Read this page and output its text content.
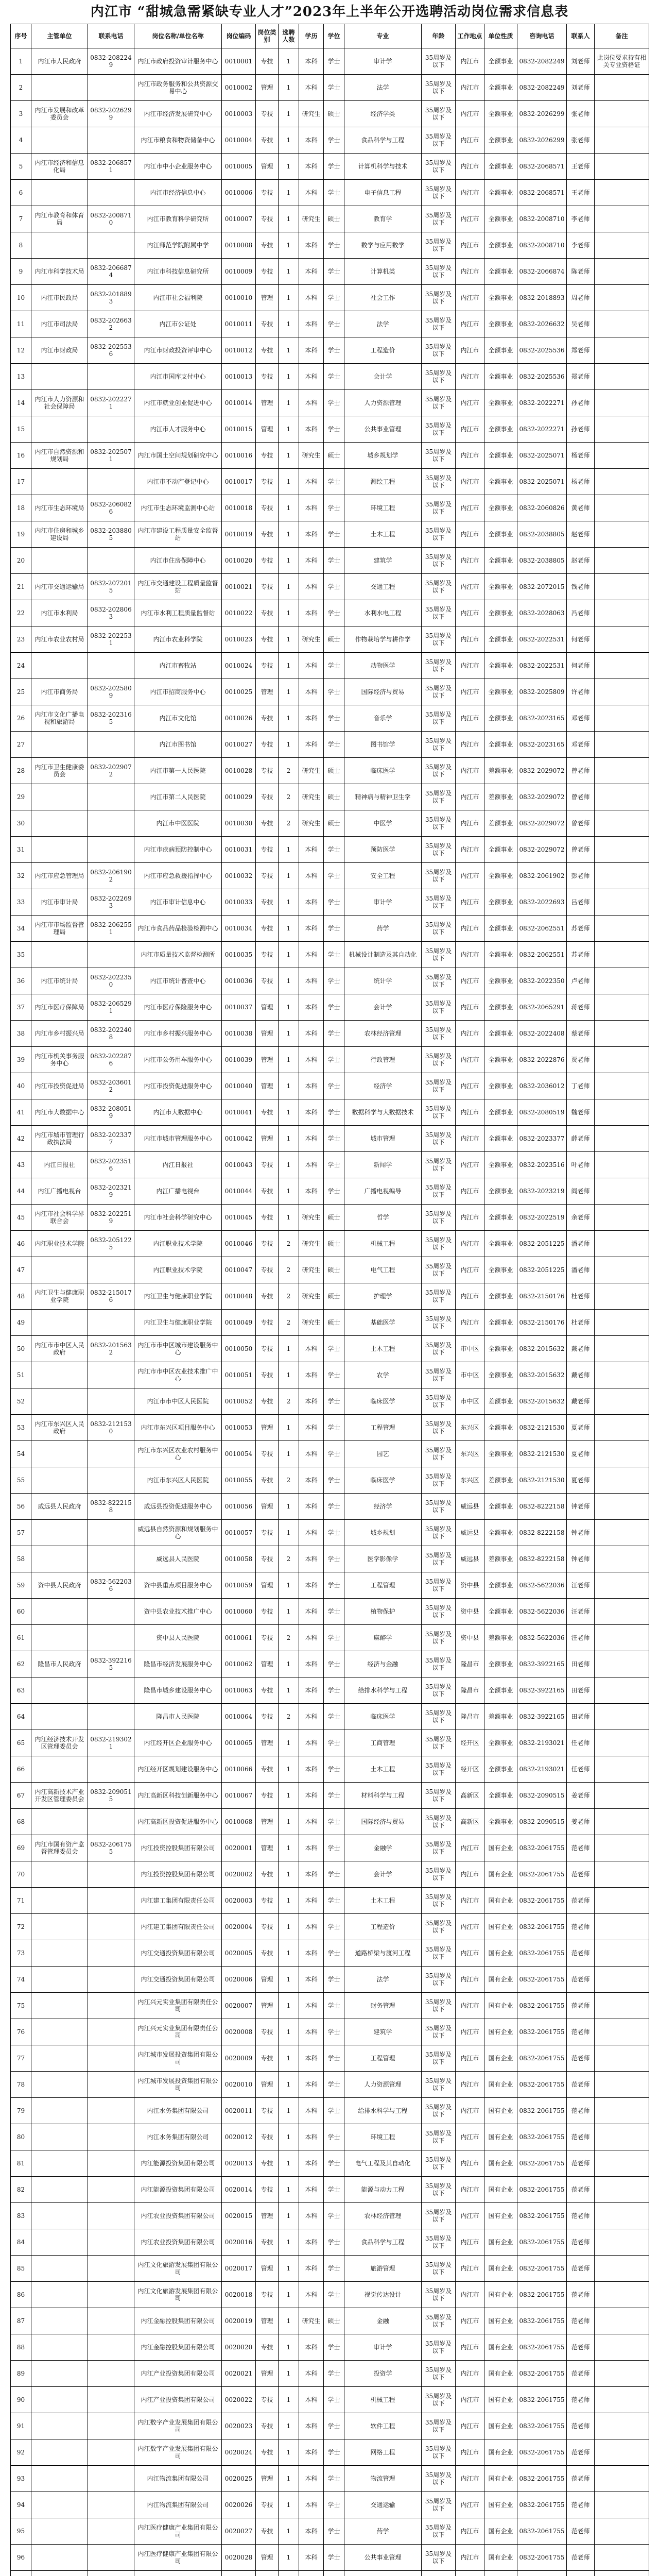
内江市 “甜城急需紧缺专业人才”2023年上半年公开选聘活动岗位需求信息表
序号	主管单位	联系电话	岗位名称/单位名称	岗位编码	岗位类别	选聘人数	学历	学位	专业	年龄	工作地点	单位性质	咨询电话	联系人	备注
1	内江市人民政府	0832-2082249	内江市政府投资审计服务中心	0010001	专技	1	本科	学士	审计学	35周岁及以下	内江市	全额事业	0832-2082249	刘老师	此岗位要求持有相关专业资格证
2			内江市政务服务和公共资源交易中心	0010002	管理	1	本科	学士	法学	35周岁及以下	内江市	全额事业	0832-2082249	刘老师	
3	内江市发展和改革委员会	0832-2026299	内江市经济发展研究中心	0010003	专技	1	研究生	硕士	经济学类	35周岁及以下	内江市	全额事业	0832-2026299	张老师	
4			内江市粮食和物资储备中心	0010004	专技	1	本科	学士	食品科学与工程	35周岁及以下	内江市	全额事业	0832-2026299	张老师	
5	内江市经济和信息化局	0832-2068571	内江市中小企业服务中心	0010005	管理	1	本科	学士	计算机科学与技术	35周岁及以下	内江市	全额事业	0832-2068571	王老师	
6			内江市经济信息中心	0010006	专技	1	本科	学士	电子信息工程	35周岁及以下	内江市	全额事业	0832-2068571	王老师	
7	内江市教育和体育局	0832-2008710	内江市教育科学研究所	0010007	专技	1	研究生	硕士	教育学	35周岁及以下	内江市	全额事业	0832-2008710	李老师	
8			内江师范学院附属中学	0010008	专技	1	本科	学士	数学与应用数学	35周岁及以下	内江市	全额事业	0832-2008710	李老师	
9	内江市科学技术局	0832-2066874	内江市科技信息研究所	0010009	专技	1	本科	学士	计算机类	35周岁及以下	内江市	全额事业	0832-2066874	陈老师	
10	内江市民政局	0832-2018893	内江市社会福利院	0010010	管理	1	本科	学士	社会工作	35周岁及以下	内江市	全额事业	0832-2018893	周老师	
11	内江市司法局	0832-2026632	内江市公证处	0010011	专技	1	本科	学士	法学	35周岁及以下	内江市	全额事业	0832-2026632	吴老师	
12	内江市财政局	0832-2025536	内江市财政投资评审中心	0010012	专技	1	本科	学士	工程造价	35周岁及以下	内江市	全额事业	0832-2025536	郑老师	
13			内江市国库支付中心	0010013	专技	1	本科	学士	会计学	35周岁及以下	内江市	全额事业	0832-2025536	郑老师	
14	内江市人力资源和社会保障局	0832-2022271	内江市就业创业促进中心	0010014	管理	1	本科	学士	人力资源管理	35周岁及以下	内江市	全额事业	0832-2022271	孙老师	
15			内江市人才服务中心	0010015	管理	1	本科	学士	公共事业管理	35周岁及以下	内江市	全额事业	0832-2022271	孙老师	
16	内江市自然资源和规划局	0832-2025071	内江市国土空间规划研究中心	0010016	专技	1	研究生	硕士	城乡规划学	35周岁及以下	内江市	全额事业	0832-2025071	杨老师	
17			内江市不动产登记中心	0010017	专技	1	本科	学士	测绘工程	35周岁及以下	内江市	全额事业	0832-2025071	杨老师	
18	内江市生态环境局	0832-2060826	内江市生态环境监测中心站	0010018	专技	1	本科	学士	环境工程	35周岁及以下	内江市	全额事业	0832-2060826	黄老师	
19	内江市住房和城乡建设局	0832-2038805	内江市建设工程质量安全监督站	0010019	专技	1	本科	学士	土木工程	35周岁及以下	内江市	全额事业	0832-2038805	赵老师	
20			内江市住房保障中心	0010020	专技	1	本科	学士	建筑学	35周岁及以下	内江市	全额事业	0832-2038805	赵老师	
21	内江市交通运输局	0832-2072015	内江市交通建设工程质量监督站	0010021	专技	1	本科	学士	交通工程	35周岁及以下	内江市	全额事业	0832-2072015	钱老师	
22	内江市水利局	0832-2028063	内江市水利工程质量监督站	0010022	专技	1	本科	学士	水利水电工程	35周岁及以下	内江市	全额事业	0832-2028063	冯老师	
23	内江市农业农村局	0832-2022531	内江市农业科学院	0010023	专技	1	研究生	硕士	作物栽培学与耕作学	35周岁及以下	内江市	全额事业	0832-2022531	何老师	
24			内江市畜牧站	0010024	专技	1	本科	学士	动物医学	35周岁及以下	内江市	全额事业	0832-2022531	何老师	
25	内江市商务局	0832-2025809	内江市招商服务中心	0010025	管理	1	本科	学士	国际经济与贸易	35周岁及以下	内江市	全额事业	0832-2025809	许老师	
26	内江市文化广播电视和旅游局	0832-2023165	内江市文化馆	0010026	专技	1	本科	学士	音乐学	35周岁及以下	内江市	全额事业	0832-2023165	邓老师	
27			内江市图书馆	0010027	专技	1	本科	学士	图书馆学	35周岁及以下	内江市	全额事业	0832-2023165	邓老师	
28	内江市卫生健康委员会	0832-2029072	内江市第一人民医院	0010028	专技	2	研究生	硕士	临床医学	35周岁及以下	内江市	差额事业	0832-2029072	曾老师	
29			内江市第二人民医院	0010029	专技	2	研究生	硕士	精神病与精神卫生学	35周岁及以下	内江市	差额事业	0832-2029072	曾老师	
30			内江市中医医院	0010030	专技	2	研究生	硕士	中医学	35周岁及以下	内江市	差额事业	0832-2029072	曾老师	
31			内江市疾病预防控制中心	0010031	专技	1	本科	学士	预防医学	35周岁及以下	内江市	全额事业	0832-2029072	曾老师	
32	内江市应急管理局	0832-2061902	内江市应急救援指挥中心	0010032	专技	1	本科	学士	安全工程	35周岁及以下	内江市	全额事业	0832-2061902	彭老师	
33	内江市审计局	0832-2022693	内江市审计信息中心	0010033	专技	1	本科	学士	审计学	35周岁及以下	内江市	全额事业	0832-2022693	吕老师	
34	内江市市场监督管理局	0832-2062551	内江市食品药品检验检测中心	0010034	专技	1	本科	学士	药学	35周岁及以下	内江市	全额事业	0832-2062551	苏老师	
35			内江市质量技术监督检测所	0010035	专技	1	本科	学士	机械设计制造及其自动化	35周岁及以下	内江市	全额事业	0832-2062551	苏老师	
36	内江市统计局	0832-2022350	内江市统计普查中心	0010036	专技	1	本科	学士	统计学	35周岁及以下	内江市	全额事业	0832-2022350	卢老师	
37	内江市医疗保障局	0832-2065291	内江市医疗保险服务中心	0010037	管理	1	本科	学士	会计学	35周岁及以下	内江市	全额事业	0832-2065291	蒋老师	
38	内江市乡村振兴局	0832-2022408	内江市乡村振兴服务中心	0010038	管理	1	本科	学士	农林经济管理	35周岁及以下	内江市	全额事业	0832-2022408	蔡老师	
39	内江市机关事务服务中心	0832-2022876	内江市公务用车服务中心	0010039	管理	1	本科	学士	行政管理	35周岁及以下	内江市	全额事业	0832-2022876	贾老师	
40	内江市投资促进局	0832-2036012	内江市投资促进服务中心	0010040	管理	1	本科	学士	经济学	35周岁及以下	内江市	全额事业	0832-2036012	丁老师	
41	内江市大数据中心	0832-2080519	内江市大数据中心	0010041	专技	1	本科	学士	数据科学与大数据技术	35周岁及以下	内江市	全额事业	0832-2080519	魏老师	
42	内江市城市管理行政执法局	0832-2023377	内江市城市管理服务中心	0010042	管理	1	本科	学士	城市管理	35周岁及以下	内江市	全额事业	0832-2023377	薛老师	
43	内江日报社	0832-2023516	内江日报社	0010043	专技	1	本科	学士	新闻学	35周岁及以下	内江市	全额事业	0832-2023516	叶老师	
44	内江广播电视台	0832-2023219	内江广播电视台	0010044	专技	1	本科	学士	广播电视编导	35周岁及以下	内江市	全额事业	0832-2023219	阎老师	
45	内江市社会科学界联合会	0832-2022519	内江市社会科学研究中心	0010045	专技	1	研究生	硕士	哲学	35周岁及以下	内江市	全额事业	0832-2022519	余老师	
46	内江职业技术学院	0832-2051225	内江职业技术学院	0010046	专技	2	研究生	硕士	机械工程	35周岁及以下	内江市	全额事业	0832-2051225	潘老师	
47			内江职业技术学院	0010047	专技	2	研究生	硕士	电气工程	35周岁及以下	内江市	全额事业	0832-2051225	潘老师	
48	内江卫生与健康职业学院	0832-2150176	内江卫生与健康职业学院	0010048	专技	2	研究生	硕士	护理学	35周岁及以下	内江市	全额事业	0832-2150176	杜老师	
49			内江卫生与健康职业学院	0010049	专技	2	研究生	硕士	基础医学	35周岁及以下	内江市	全额事业	0832-2150176	杜老师	
50	内江市市中区人民政府	0832-2015632	内江市市中区城市建设服务中心	0010050	专技	1	本科	学士	土木工程	35周岁及以下	市中区	全额事业	0832-2015632	戴老师	
51			内江市市中区农业技术推广中心	0010051	专技	1	本科	学士	农学	35周岁及以下	市中区	全额事业	0832-2015632	戴老师	
52			内江市市中区人民医院	0010052	专技	2	本科	学士	临床医学	35周岁及以下	市中区	差额事业	0832-2015632	戴老师	
53	内江市东兴区人民政府	0832-2121530	内江市东兴区项目服务中心	0010053	管理	1	本科	学士	工程管理	35周岁及以下	东兴区	全额事业	0832-2121530	夏老师	
54			内江市东兴区农业农村服务中心	0010054	专技	1	本科	学士	园艺	35周岁及以下	东兴区	全额事业	0832-2121530	夏老师	
55			内江市东兴区人民医院	0010055	专技	2	本科	学士	临床医学	35周岁及以下	东兴区	差额事业	0832-2121530	夏老师	
56	威远县人民政府	0832-8222158	威远县投资促进服务中心	0010056	管理	1	本科	学士	经济学	35周岁及以下	威远县	全额事业	0832-8222158	钟老师	
57			威远县自然资源和规划服务中心	0010057	专技	1	本科	学士	城乡规划	35周岁及以下	威远县	全额事业	0832-8222158	钟老师	
58			威远县人民医院	0010058	专技	2	本科	学士	医学影像学	35周岁及以下	威远县	差额事业	0832-8222158	钟老师	
59	资中县人民政府	0832-5622036	资中县重点项目服务中心	0010059	管理	1	本科	学士	工程管理	35周岁及以下	资中县	全额事业	0832-5622036	汪老师	
60			资中县农业技术推广中心	0010060	专技	1	本科	学士	植物保护	35周岁及以下	资中县	全额事业	0832-5622036	汪老师	
61			资中县人民医院	0010061	专技	2	本科	学士	麻醉学	35周岁及以下	资中县	差额事业	0832-5622036	汪老师	
62	隆昌市人民政府	0832-3922165	隆昌市经济发展服务中心	0010062	管理	1	本科	学士	经济与金融	35周岁及以下	隆昌市	全额事业	0832-3922165	田老师	
63			隆昌市城乡建设服务中心	0010063	专技	1	本科	学士	给排水科学与工程	35周岁及以下	隆昌市	全额事业	0832-3922165	田老师	
64			隆昌市人民医院	0010064	专技	2	本科	学士	临床医学	35周岁及以下	隆昌市	差额事业	0832-3922165	田老师	
65	内江经济技术开发区管理委员会	0832-2193021	内江经开区企业服务中心	0010065	管理	1	本科	学士	工商管理	35周岁及以下	经开区	全额事业	0832-2193021	任老师	
66			内江经开区规划建设服务中心	0010066	专技	1	本科	学士	土木工程	35周岁及以下	经开区	全额事业	0832-2193021	任老师	
67	内江高新技术产业开发区管理委员会	0832-2090515	内江高新区科技创新服务中心	0010067	专技	1	本科	学士	材料科学与工程	35周岁及以下	高新区	全额事业	0832-2090515	姜老师	
68			内江高新区投资促进服务中心	0010068	管理	1	本科	学士	国际经济与贸易	35周岁及以下	高新区	全额事业	0832-2090515	姜老师	
69	内江市国有资产监督管理委员会	0832-2061755	内江投资控股集团有限公司	0020001	管理	1	本科	学士	金融学	35周岁及以下	内江市	国有企业	0832-2061755	范老师	
70			内江投资控股集团有限公司	0020002	专技	1	本科	学士	会计学	35周岁及以下	内江市	国有企业	0832-2061755	范老师	
71			内江建工集团有限责任公司	0020003	专技	1	本科	学士	土木工程	35周岁及以下	内江市	国有企业	0832-2061755	范老师	
72			内江建工集团有限责任公司	0020004	专技	1	本科	学士	工程造价	35周岁及以下	内江市	国有企业	0832-2061755	范老师	
73			内江交通投资集团有限公司	0020005	专技	1	本科	学士	道路桥梁与渡河工程	35周岁及以下	内江市	国有企业	0832-2061755	范老师	
74			内江交通投资集团有限公司	0020006	管理	1	本科	学士	法学	35周岁及以下	内江市	国有企业	0832-2061755	范老师	
75			内江兴元实业集团有限责任公司	0020007	管理	1	本科	学士	财务管理	35周岁及以下	内江市	国有企业	0832-2061755	范老师	
76			内江兴元实业集团有限责任公司	0020008	专技	1	本科	学士	建筑学	35周岁及以下	内江市	国有企业	0832-2061755	范老师	
77			内江城市发展投资集团有限公司	0020009	专技	1	本科	学士	工程管理	35周岁及以下	内江市	国有企业	0832-2061755	范老师	
78			内江城市发展投资集团有限公司	0020010	管理	1	本科	学士	人力资源管理	35周岁及以下	内江市	国有企业	0832-2061755	范老师	
79			内江水务集团有限公司	0020011	专技	1	本科	学士	给排水科学与工程	35周岁及以下	内江市	国有企业	0832-2061755	范老师	
80			内江水务集团有限公司	0020012	专技	1	本科	学士	环境工程	35周岁及以下	内江市	国有企业	0832-2061755	范老师	
81			内江能源投资集团有限公司	0020013	专技	1	本科	学士	电气工程及其自动化	35周岁及以下	内江市	国有企业	0832-2061755	范老师	
82			内江能源投资集团有限公司	0020014	专技	1	本科	学士	能源与动力工程	35周岁及以下	内江市	国有企业	0832-2061755	范老师	
83			内江农业投资集团有限公司	0020015	管理	1	本科	学士	农林经济管理	35周岁及以下	内江市	国有企业	0832-2061755	范老师	
84			内江农业投资集团有限公司	0020016	专技	1	本科	学士	食品科学与工程	35周岁及以下	内江市	国有企业	0832-2061755	范老师	
85			内江文化旅游发展集团有限公司	0020017	管理	1	本科	学士	旅游管理	35周岁及以下	内江市	国有企业	0832-2061755	范老师	
86			内江文化旅游发展集团有限公司	0020018	专技	1	本科	学士	视觉传达设计	35周岁及以下	内江市	国有企业	0832-2061755	范老师	
87			内江金融控股集团有限公司	0020019	管理	1	研究生	硕士	金融	35周岁及以下	内江市	国有企业	0832-2061755	范老师	
88			内江金融控股集团有限公司	0020020	专技	1	本科	学士	审计学	35周岁及以下	内江市	国有企业	0832-2061755	范老师	
89			内江产业投资集团有限公司	0020021	管理	1	本科	学士	投资学	35周岁及以下	内江市	国有企业	0832-2061755	范老师	
90			内江产业投资集团有限公司	0020022	专技	1	本科	学士	机械工程	35周岁及以下	内江市	国有企业	0832-2061755	范老师	
91			内江数字产业发展集团有限公司	0020023	专技	1	本科	学士	软件工程	35周岁及以下	内江市	国有企业	0832-2061755	范老师	
92			内江数字产业发展集团有限公司	0020024	专技	1	本科	学士	网络工程	35周岁及以下	内江市	国有企业	0832-2061755	范老师	
93			内江物流集团有限公司	0020025	管理	1	本科	学士	物流管理	35周岁及以下	内江市	国有企业	0832-2061755	范老师	
94			内江物流集团有限公司	0020026	专技	1	本科	学士	交通运输	35周岁及以下	内江市	国有企业	0832-2061755	范老师	
95			内江医疗健康产业集团有限公司	0020027	专技	1	本科	学士	药学	35周岁及以下	内江市	国有企业	0832-2061755	范老师	
96			内江医疗健康产业集团有限公司	0020028	管理	1	本科	学士	公共事业管理	35周岁及以下	内江市	国有企业	0832-2061755	范老师	
